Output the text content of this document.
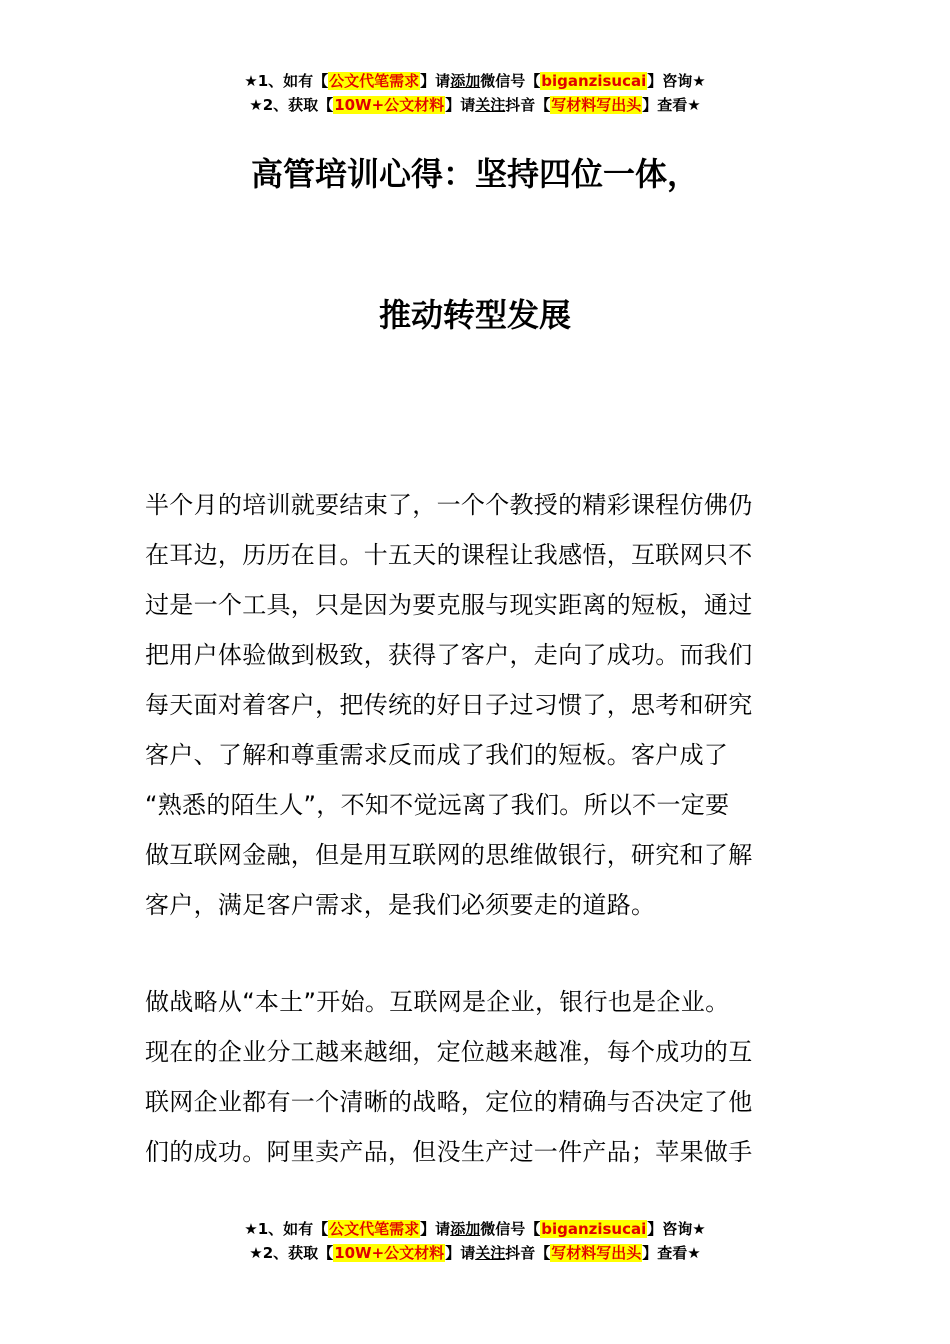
★1、如有【公文代笔需求】请添加微信号【biganzisucai】咨询★
★2、获取【10W+公文材料】请关注抖音【写材料写出头】查看★
高管培训心得：坚持四位一体，
推动转型发展
半个月的培训就要结束了，一个个教授的精彩课程仿佛仍
在耳边，历历在目。十五天的课程让我感悟，互联网只不
过是一个工具，只是因为要克服与现实距离的短板，通过
把用户体验做到极致，获得了客户，走向了成功。而我们
每天面对着客户，把传统的好日子过习惯了，思考和研究
客户、了解和尊重需求反而成了我们的短板。客户成了
“熟悉的陌生人”，不知不觉远离了我们。所以不一定要
做互联网金融，但是用互联网的思维做银行，研究和了解
客户，满足客户需求，是我们必须要走的道路。
做战略从“本土”开始。互联网是企业，银行也是企业。
现在的企业分工越来越细，定位越来越准，每个成功的互
联网企业都有一个清晰的战略，定位的精确与否决定了他
们的成功。阿里卖产品，但没生产过一件产品；苹果做手
★1、如有【公文代笔需求】请添加微信号【biganzisucai】咨询★
★2、获取【10W+公文材料】请关注抖音【写材料写出头】查看★
